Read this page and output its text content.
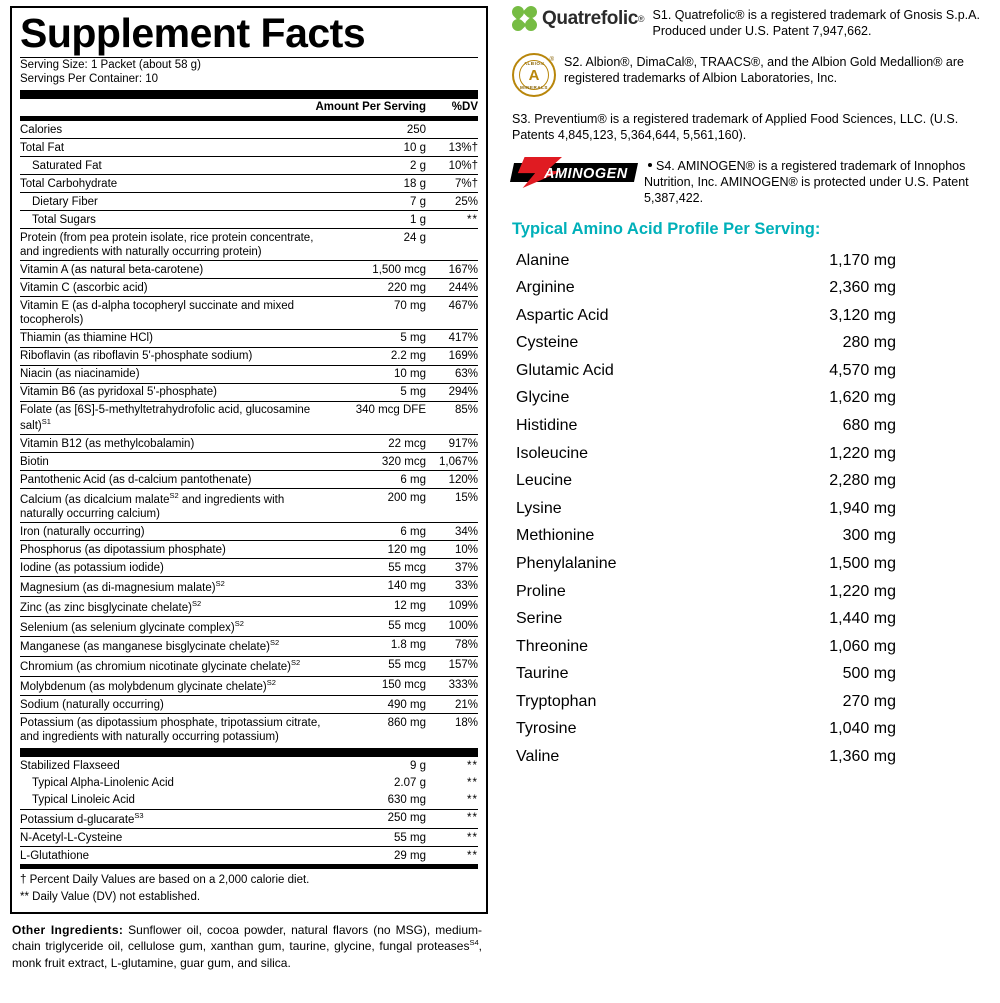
Supplement Facts
Serving Size: 1 Packet (about 58 g)
Servings Per Container: 10
	Amount Per Serving	%DV
Calories	250	
Total Fat	10 g	13%†
Saturated Fat	2 g	10%†
Total Carbohydrate	18 g	7%†
Dietary Fiber	7 g	25%
Total Sugars	1 g	**
Protein (from pea protein isolate, rice protein concentrate, and ingredients with naturally occurring protein)	24 g	
Vitamin A (as natural beta-carotene)	1,500 mcg	167%
Vitamin C (ascorbic acid)	220 mg	244%
Vitamin E (as d-alpha tocopheryl succinate and mixed tocopherols)	70 mg	467%
Thiamin (as thiamine HCl)	5 mg	417%
Riboflavin (as riboflavin 5'-phosphate sodium)	2.2 mg	169%
Niacin (as niacinamide)	10 mg	63%
Vitamin B6 (as pyridoxal 5'-phosphate)	5 mg	294%
Folate (as [6S]-5-methyltetrahydrofolic acid, glucosamine salt)$^{S1}$	340 mcg DFE	85%
Vitamin B12 (as methylcobalamin)	22 mcg	917%
Biotin	320 mcg	1,067%
Pantothenic Acid (as d-calcium pantothenate)	6 mg	120%
Calcium (as dicalcium malate$^{S2}$ and ingredients with naturally occurring calcium)	200 mg	15%
Iron (naturally occurring)	6 mg	34%
Phosphorus (as dipotassium phosphate)	120 mg	10%
Iodine (as potassium iodide)	55 mcg	37%
Magnesium (as di-magnesium malate)$^{S2}$	140 mg	33%
Zinc (as zinc bisglycinate chelate)$^{S2}$	12 mg	109%
Selenium (as selenium glycinate complex)$^{S2}$	55 mcg	100%
Manganese (as manganese bisglycinate chelate)$^{S2}$	1.8 mg	78%
Chromium (as chromium nicotinate glycinate chelate)$^{S2}$	55 mcg	157%
Molybdenum (as molybdenum glycinate chelate)$^{S2}$	150 mcg	333%
Sodium (naturally occurring)	490 mg	21%
Potassium (as dipotassium phosphate, tripotassium citrate, and ingredients with naturally occurring potassium)	860 mg	18%
Stabilized Flaxseed	9 g	**
Typical Alpha-Linolenic Acid	2.07 g	**
Typical Linoleic Acid	630 mg	**
Potassium d-glucarate$^{S3}$	250 mg	**
N-Acetyl-L-Cysteine	55 mg	**
L-Glutathione	29 mg	**
† Percent Daily Values are based on a 2,000 calorie diet.
** Daily Value (DV) not established.
Other Ingredients: Sunflower oil, cocoa powder, natural flavors (no MSG), medium-chain triglyceride oil, cellulose gum, xanthan gum, taurine, glycine, fungal proteases$^{S4}$, monk fruit extract, L-glutamine, guar gum, and silica.
Quatrefolic ® S1. Quatrefolic® is a registered trademark of Gnosis S.p.A. Produced under U.S. Patent 7,947,662.
®
ALBION
A
MINERALS
S2. Albion®, DimaCal®, TRAACS®, and the Albion Gold Medallion® are registered trademarks of Albion Laboratories, Inc.
S3. Preventium® is a registered trademark of Applied Food Sciences, LLC. (U.S. Patents 4,845,123, 5,364,644, 5,561,160).
AMINOGEN	S4. AMINOGEN® is a registered trademark of Innophos Nutrition, Inc. AMINOGEN® is protected under U.S. Patent 5,387,422.
Typical Amino Acid Profile Per Serving:
Alanine	1,170 mg
Arginine	2,360 mg
Aspartic Acid	3,120 mg
Cysteine	280 mg
Glutamic Acid	4,570 mg
Glycine	1,620 mg
Histidine	680 mg
Isoleucine	1,220 mg
Leucine	2,280 mg
Lysine	1,940 mg
Methionine	300 mg
Phenylalanine	1,500 mg
Proline	1,220 mg
Serine	1,440 mg
Threonine	1,060 mg
Taurine	500 mg
Tryptophan	270 mg
Tyrosine	1,040 mg
Valine	1,360 mg
